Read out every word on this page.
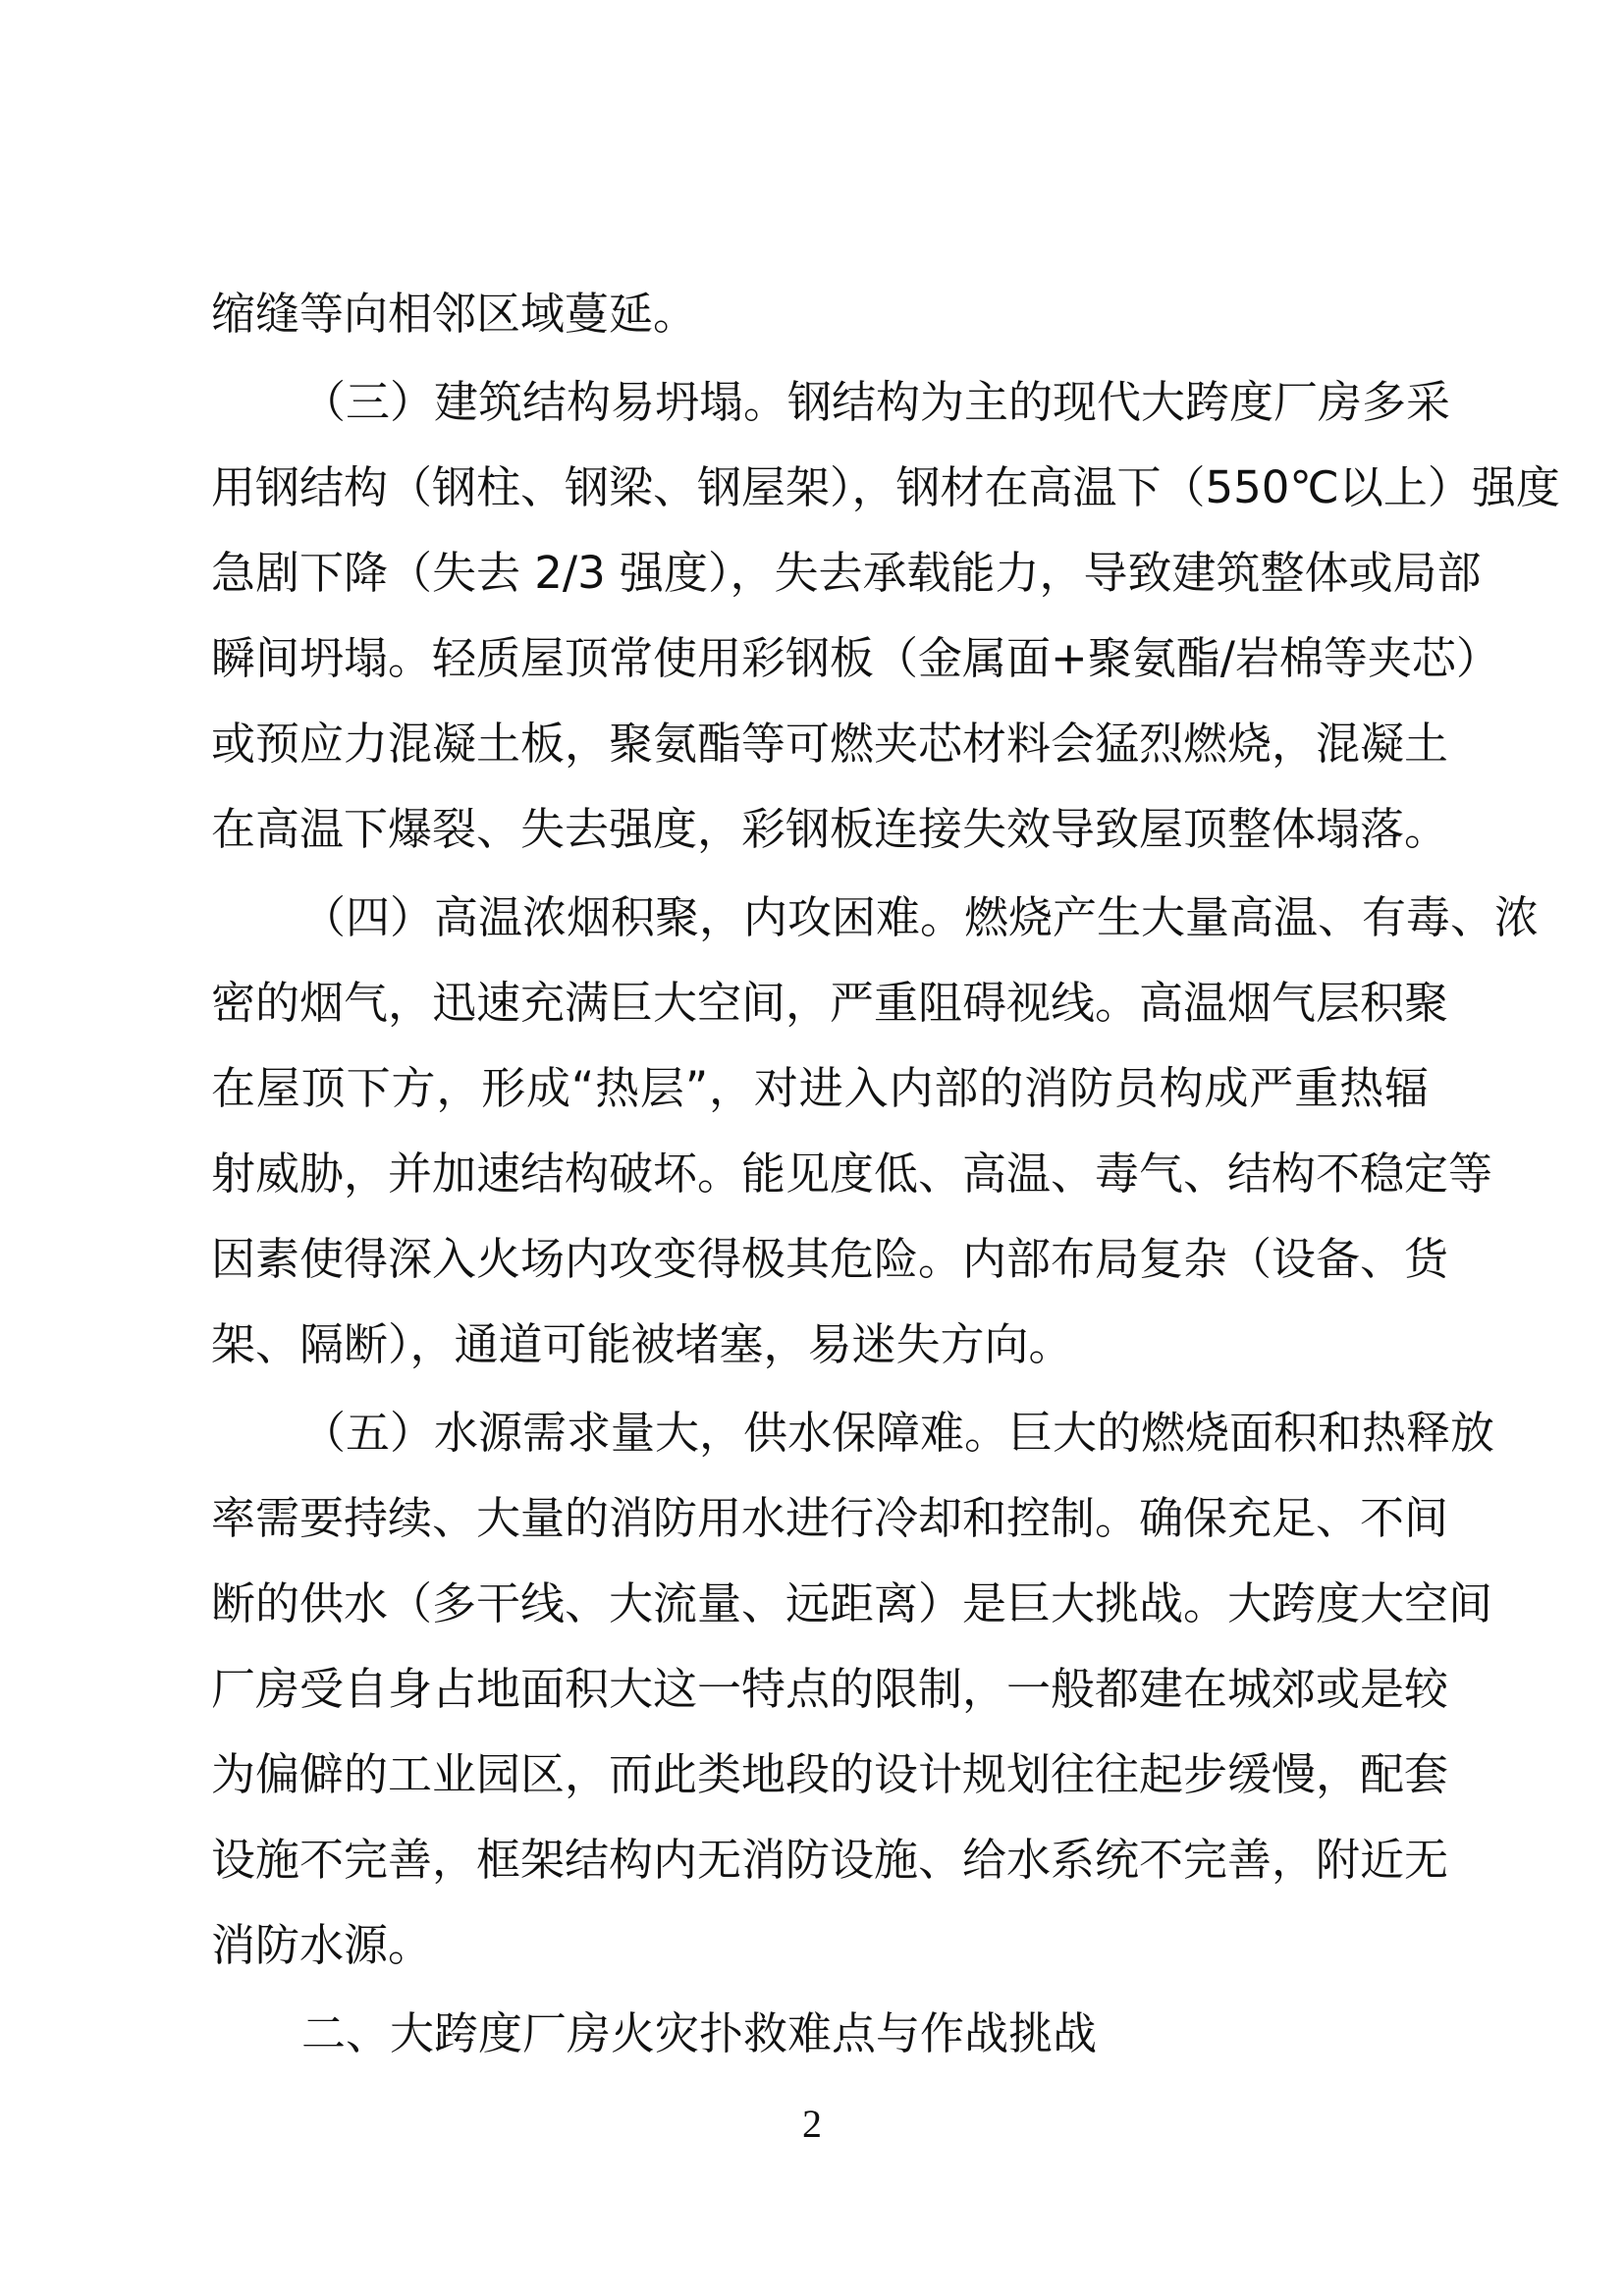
缩缝等向相邻区域蔓延。
（三）建筑结构易坍塌。钢结构为主的现代大跨度厂房多采
用钢结构（钢柱、钢梁、钢屋架），钢材在高温下（550℃以上）强度
急剧下降（失去 2/3 强度），失去承载能力，导致建筑整体或局部
瞬间坍塌。轻质屋顶常使用彩钢板（金属面+聚氨酯/岩棉等夹芯）
或预应力混凝土板，聚氨酯等可燃夹芯材料会猛烈燃烧，混凝土
在高温下爆裂、失去强度，彩钢板连接失效导致屋顶整体塌落。
（四）高温浓烟积聚，内攻困难。燃烧产生大量高温、有毒、浓
密的烟气，迅速充满巨大空间，严重阻碍视线。高温烟气层积聚
在屋顶下方，形成“热层”，对进入内部的消防员构成严重热辐
射威胁，并加速结构破坏。能见度低、高温、毒气、结构不稳定等
因素使得深入火场内攻变得极其危险。内部布局复杂（设备、货
架、隔断），通道可能被堵塞，易迷失方向。
（五）水源需求量大，供水保障难。巨大的燃烧面积和热释放
率需要持续、大量的消防用水进行冷却和控制。确保充足、不间
断的供水（多干线、大流量、远距离）是巨大挑战。大跨度大空间
厂房受自身占地面积大这一特点的限制，一般都建在城郊或是较
为偏僻的工业园区，而此类地段的设计规划往往起步缓慢，配套
设施不完善，框架结构内无消防设施、给水系统不完善，附近无
消防水源。
二、大跨度厂房火灾扑救难点与作战挑战
2
